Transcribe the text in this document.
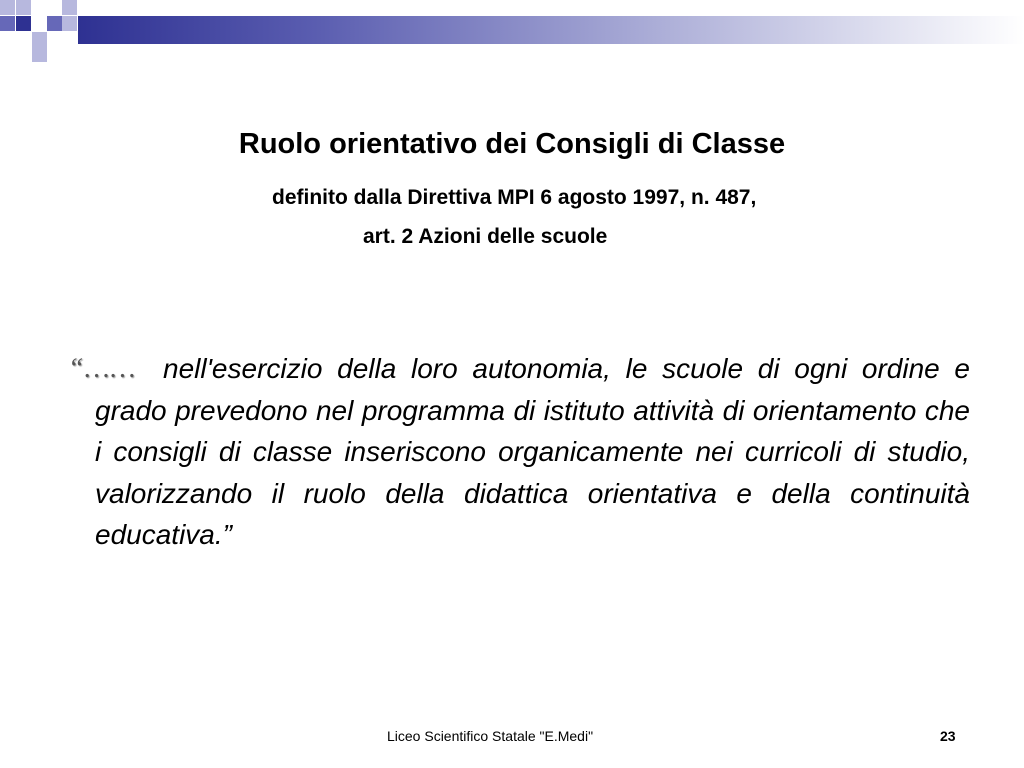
Ruolo orientativo dei Consigli di Classe

definito dalla Direttiva MPI 6 agosto 1997, n. 487,

art. 2 Azioni delle scuole

“…… nell'esercizio della loro autonomia, le scuole di ogni ordine e grado prevedono nel programma di istituto attività di orientamento che i consigli di classe inseriscono organicamente nei curricoli di studio, valorizzando il ruolo della didattica orientativa e della continuità educativa.”

Liceo Scientifico Statale "E.Medi"	23
